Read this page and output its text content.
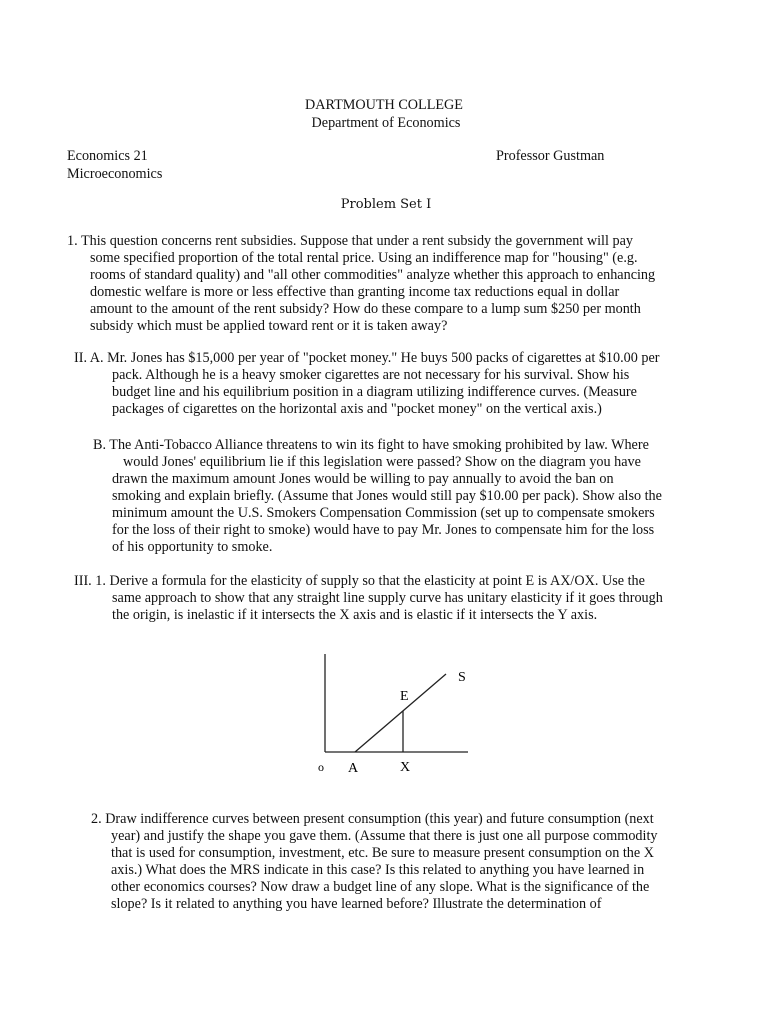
DARTMOUTH COLLEGE
Department of Economics
Economics 21
Microeconomics
Professor Gustman
Problem Set I
1. This question concerns rent subsidies. Suppose that under a rent subsidy the government will pay
some specified proportion of the total rental price. Using an indifference map for "housing" (e.g.
rooms of standard quality) and "all other commodities" analyze whether this approach to enhancing
domestic welfare is more or less effective than granting income tax reductions equal in dollar
amount to the amount of the rent subsidy? How do these compare to a lump sum $250 per month
subsidy which must be applied toward rent or it is taken away?
II. A. Mr. Jones has $15,000 per year of "pocket money." He buys 500 packs of cigarettes at $10.00 per
pack. Although he is a heavy smoker cigarettes are not necessary for his survival. Show his
budget line and his equilibrium position in a diagram utilizing indifference curves. (Measure
packages of cigarettes on the horizontal axis and "pocket money" on the vertical axis.)
B. The Anti-Tobacco Alliance threatens to win its fight to have smoking prohibited by law. Where
would Jones' equilibrium lie if this legislation were passed? Show on the diagram you have
drawn the maximum amount Jones would be willing to pay annually to avoid the ban on
smoking and explain briefly. (Assume that Jones would still pay $10.00 per pack). Show also the
minimum amount the U.S. Smokers Compensation Commission (set up to compensate smokers
for the loss of their right to smoke) would have to pay Mr. Jones to compensate him for the loss
of his opportunity to smoke.
III. 1. Derive a formula for the elasticity of supply so that the elasticity at point E is AX/OX. Use the
same approach to show that any straight line supply curve has unitary elasticity if it goes through
the origin, is inelastic if it intersects the X axis and is elastic if it intersects the Y axis.
S
E
o A	X
2. Draw indifference curves between present consumption (this year) and future consumption (next
year) and justify the shape you gave them. (Assume that there is just one all purpose commodity
that is used for consumption, investment, etc. Be sure to measure present consumption on the X
axis.) What does the MRS indicate in this case? Is this related to anything you have learned in
other economics courses? Now draw a budget line of any slope. What is the significance of the
slope? Is it related to anything you have learned before? Illustrate the determination of
